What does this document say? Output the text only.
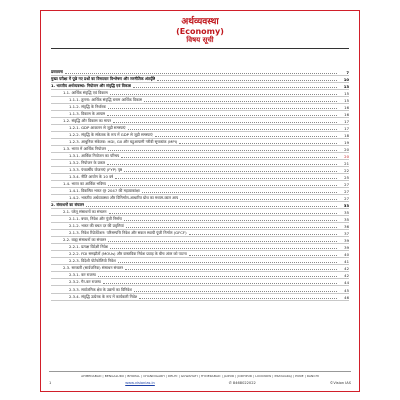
अर्थव्यवस्था
(Economy)
विषय सूची
प्रस्तावना	7
मुख्य परीक्षा में पूछे गए प्रश्नों का विषयवार विश्लेषण और रणनीतिक अंतर्दृष्टि	10
1. भारतीय अर्थव्यवस्था: नियोजन और संवृद्धि एवं विकास	13
1.1. आर्थिक संवृद्धि एवं विकास	15
1.1.1. तुलना: आर्थिक संवृद्धि बनाम आर्थिक विकास	15
1.1.2. संवृद्धि के निर्धारक	16
1.1.3. विकास के आयाम	16
1.2. संवृद्धि और विकास का मापन	17
1.2.1. GDP आकलन से जुड़ी समस्याएं	17
1.2.2. संवृद्धि के संकेतक के रूप में GDP से जुड़ी समस्याएं	18
1.2.3. आधुनिक संकेतक: HDI, GII और बहुआयामी गरीबी सूचकांक (MPI)	19
1.3. भारत में आर्थिक नियोजन	20
1.3.1. आर्थिक नियोजन का परिचय	20
1.3.2. नियोजन के प्रकार	21
1.3.3. पंचवर्षीय योजनाएं (FYP) पृष्ठ	22
1.3.4. नीति आयोग के 10 वर्ष	25
1.4. भारत का आर्थिक भविष्य	27
1.4.1. विकसित भारत @ 2047 की महत्वाकांक्षा	27
1.4.2. भारतीय अर्थव्यवस्था और विनिर्माण-आधारित ग्रोथ का मध्यम-काल आय	27
2. संसाधनों का संचलन	33
2.1. घरेलू संसाधनों का संचलन	35
2.1.1. बचत, निवेश और पूंजी निर्माण	35
2.1.2. भारत की बचत दर की प्रवृत्तियां	36
2.1.3. निवेश रिप्रेजेंटेशन: परिसम्पत्ति निवेश और सकल स्थायी पूंजी निर्माण (GFCF)	37
2.2. बाह्य संसाधनों का संचलन	39
2.2.1. प्रत्यक्ष विदेशी निवेश	39
2.2.2. FDI समझौतों (MOUs) और वास्तविक निवेश प्रवाह के बीच अंतर को पाटना	40
2.2.3. विदेशी पोर्टफोलियो निवेश	41
2.3. सरकारी (सार्वजनिक) संसाधन संचलन	42
2.3.1. कर राजस्व	42
2.3.2. गैर-कर राजस्व	44
2.3.3. सार्वजनिक क्षेत्र के उद्यमों का विनिवेश	45
2.3.4. संवृद्धि उत्प्रेरक के रूप में कार्यकारी निवेश	46
AHMEDABAD | BENGALURU | BHOPAL | CHANDIGARH | DELHI | GUWAHATI | HYDERABAD | JAIPUR | JODHPUR | LUCKNOW | PRAYAGRAJ | PUNE | RANCHI
1	www.visionias.in	✆ 8468022022	©Vision IAS
